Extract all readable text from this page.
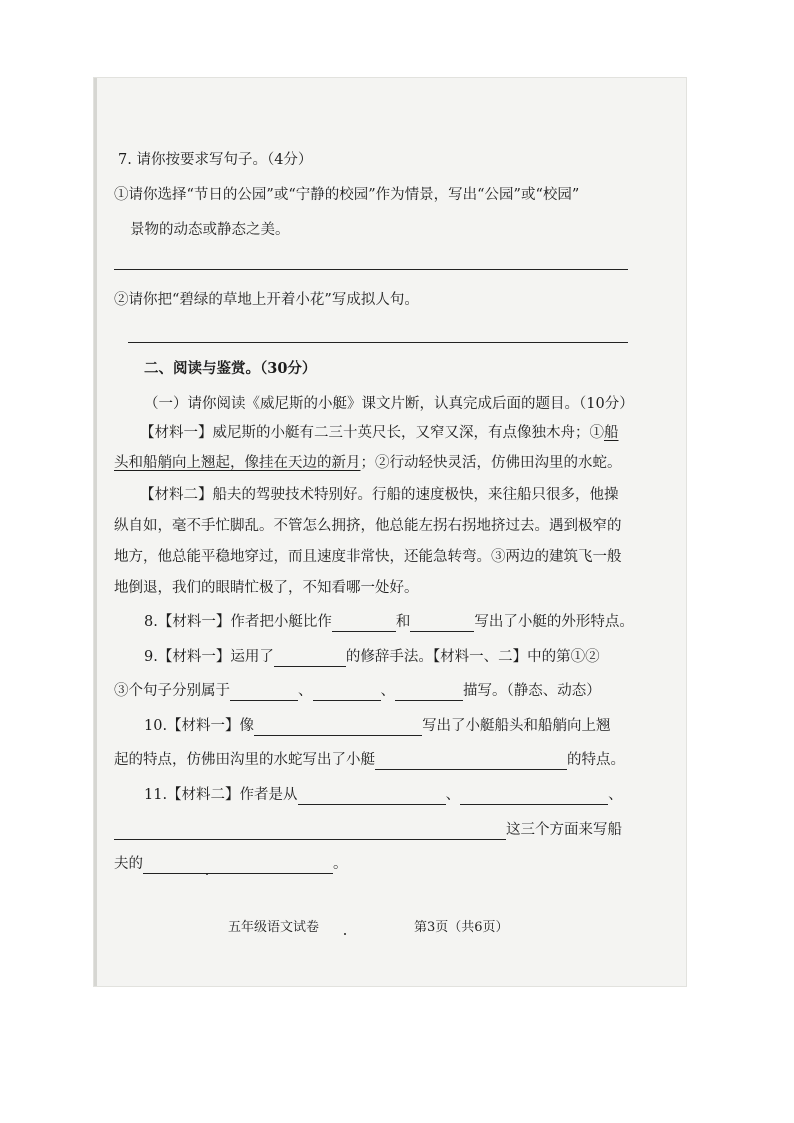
7. 请你按要求写句子。（4分）
①请你选择“节日的公园”或“宁静的校园”作为情景，写出“公园”或“校园”
景物的动态或静态之美。
②请你把“碧绿的草地上开着小花”写成拟人句。
二、阅读与鉴赏。（30分）
（一）请你阅读《威尼斯的小艇》课文片断，认真完成后面的题目。（10分）
【材料一】威尼斯的小艇有二三十英尺长，又窄又深，有点像独木舟；①船
头和船艄向上翘起，像挂在天边的新月；②行动轻快灵活，仿佛田沟里的水蛇。
【材料二】船夫的驾驶技术特别好。行船的速度极快，来往船只很多，他操
纵自如，毫不手忙脚乱。不管怎么拥挤，他总能左拐右拐地挤过去。遇到极窄的
地方，他总能平稳地穿过，而且速度非常快，还能急转弯。③两边的建筑飞一般
地倒退，我们的眼睛忙极了，不知看哪一处好。
8.【材料一】作者把小艇比作	和	写出了小艇的外形特点。
9.【材料一】运用了	的修辞手法。【材料一、二】中的第①②
③个句子分别属于	、	、	描写。（静态、动态）
10.【材料一】像	写出了小艇船头和船艄向上翘
起的特点，仿佛田沟里的水蛇写出了小艇	的特点。
11.【材料二】作者是从	、	、
这三个方面来写船
夫的	。
五年级语文试卷	第3页（共6页）
